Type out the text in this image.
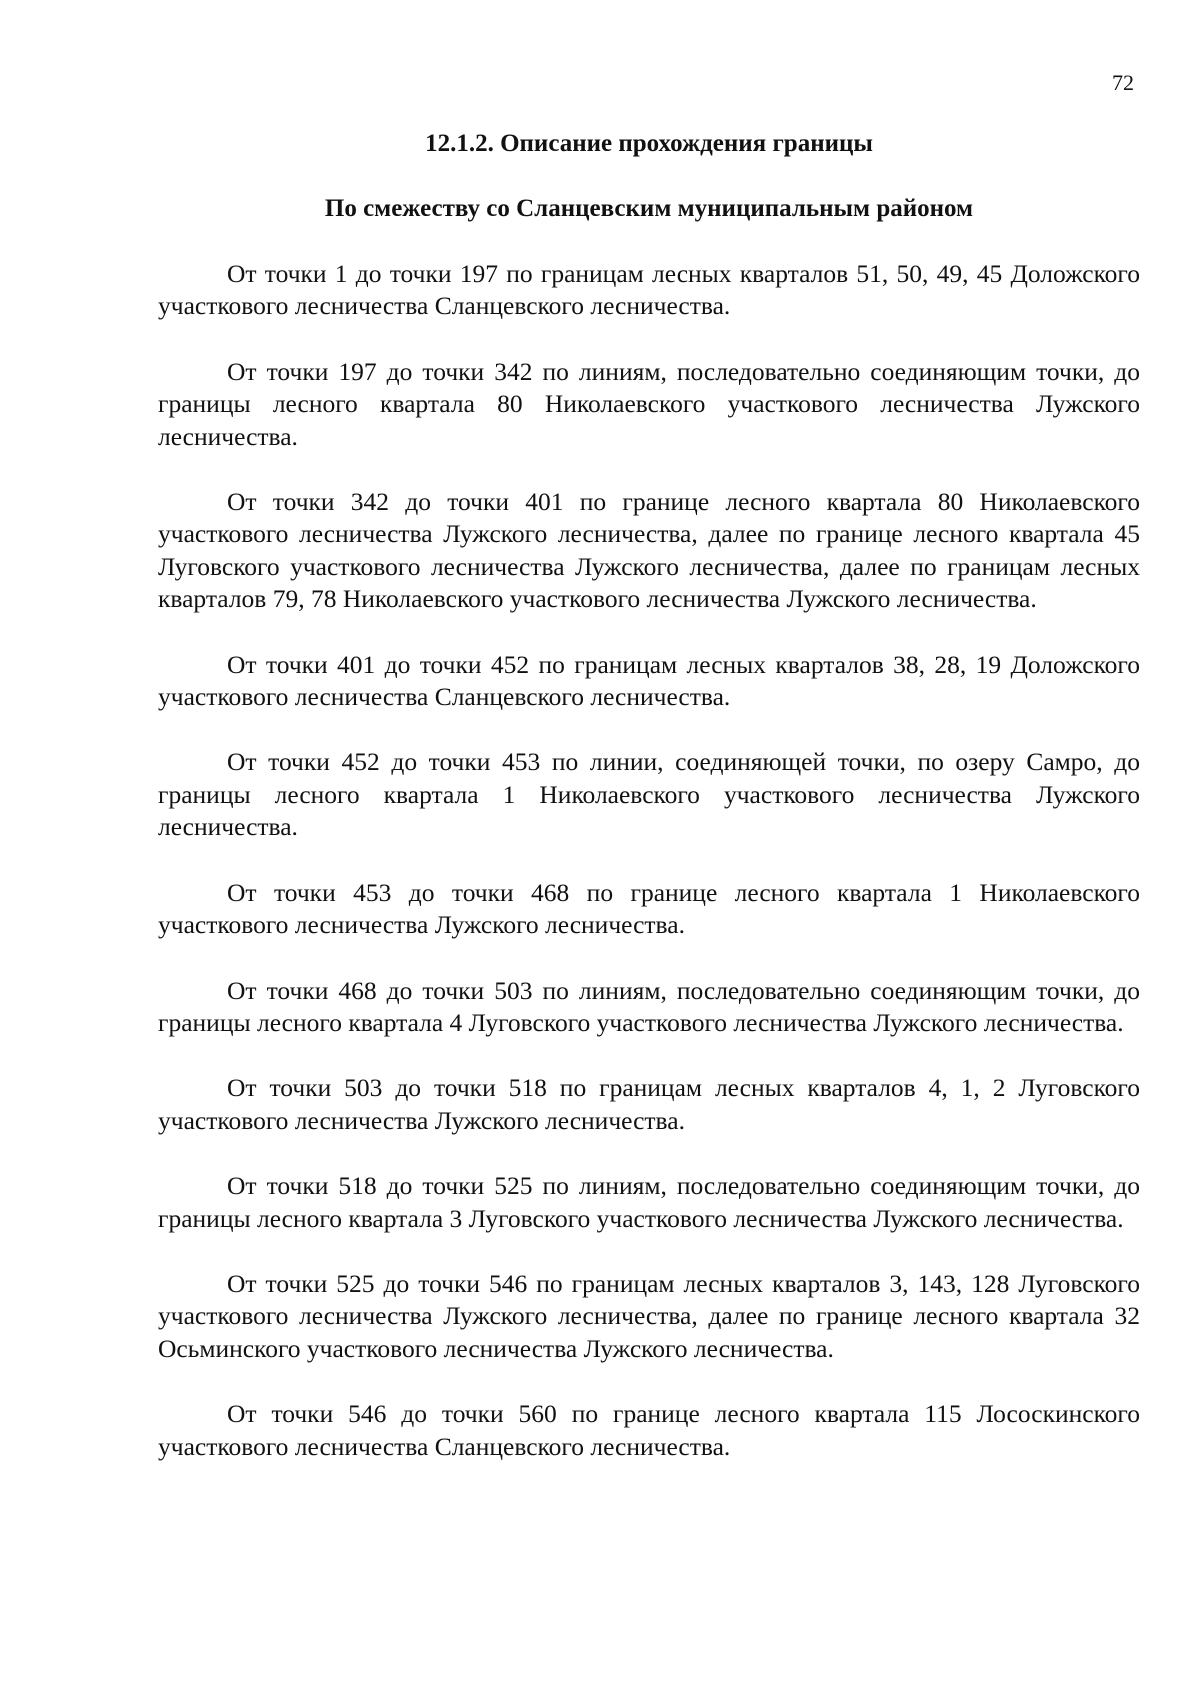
72
12.1.2. Описание прохождения границы
По смежеству со Сланцевским муниципальным районом

От точки 1 до точки 197 по границам лесных кварталов 51, 50, 49, 45 Доложского участкового лесничества Сланцевского лесничества.

От точки 197 до точки 342 по линиям, последовательно соединяющим точки, до границы лесного квартала 80 Николаевского участкового лесничества Лужского лесничества.

От точки 342 до точки 401 по границе лесного квартала 80 Николаевского участкового лесничества Лужского лесничества, далее по границе лесного квартала 45 Луговского участкового лесничества Лужского лесничества, далее по границам лесных кварталов 79, 78 Николаевского участкового лесничества Лужского лесничества.

От точки 401 до точки 452 по границам лесных кварталов 38, 28, 19 Доложского участкового лесничества Сланцевского лесничества.

От точки 452 до точки 453 по линии, соединяющей точки, по озеру Самро, до границы лесного квартала 1 Николаевского участкового лесничества Лужского лесничества.

От точки 453 до точки 468 по границе лесного квартала 1 Николаевского участкового лесничества Лужского лесничества.

От точки 468 до точки 503 по линиям, последовательно соединяющим точки, до границы лесного квартала 4 Луговского участкового лесничества Лужского лесничества.

От точки 503 до точки 518 по границам лесных кварталов 4, 1, 2 Луговского участкового лесничества Лужского лесничества.

От точки 518 до точки 525 по линиям, последовательно соединяющим точки, до границы лесного квартала 3 Луговского участкового лесничества Лужского лесничества.

От точки 525 до точки 546 по границам лесных кварталов 3, 143, 128 Луговского участкового лесничества Лужского лесничества, далее по границе лесного квартала 32 Осьминского участкового лесничества Лужского лесничества.

От точки 546 до точки 560 по границе лесного квартала 115 Лососкинского участкового лесничества Сланцевского лесничества.
